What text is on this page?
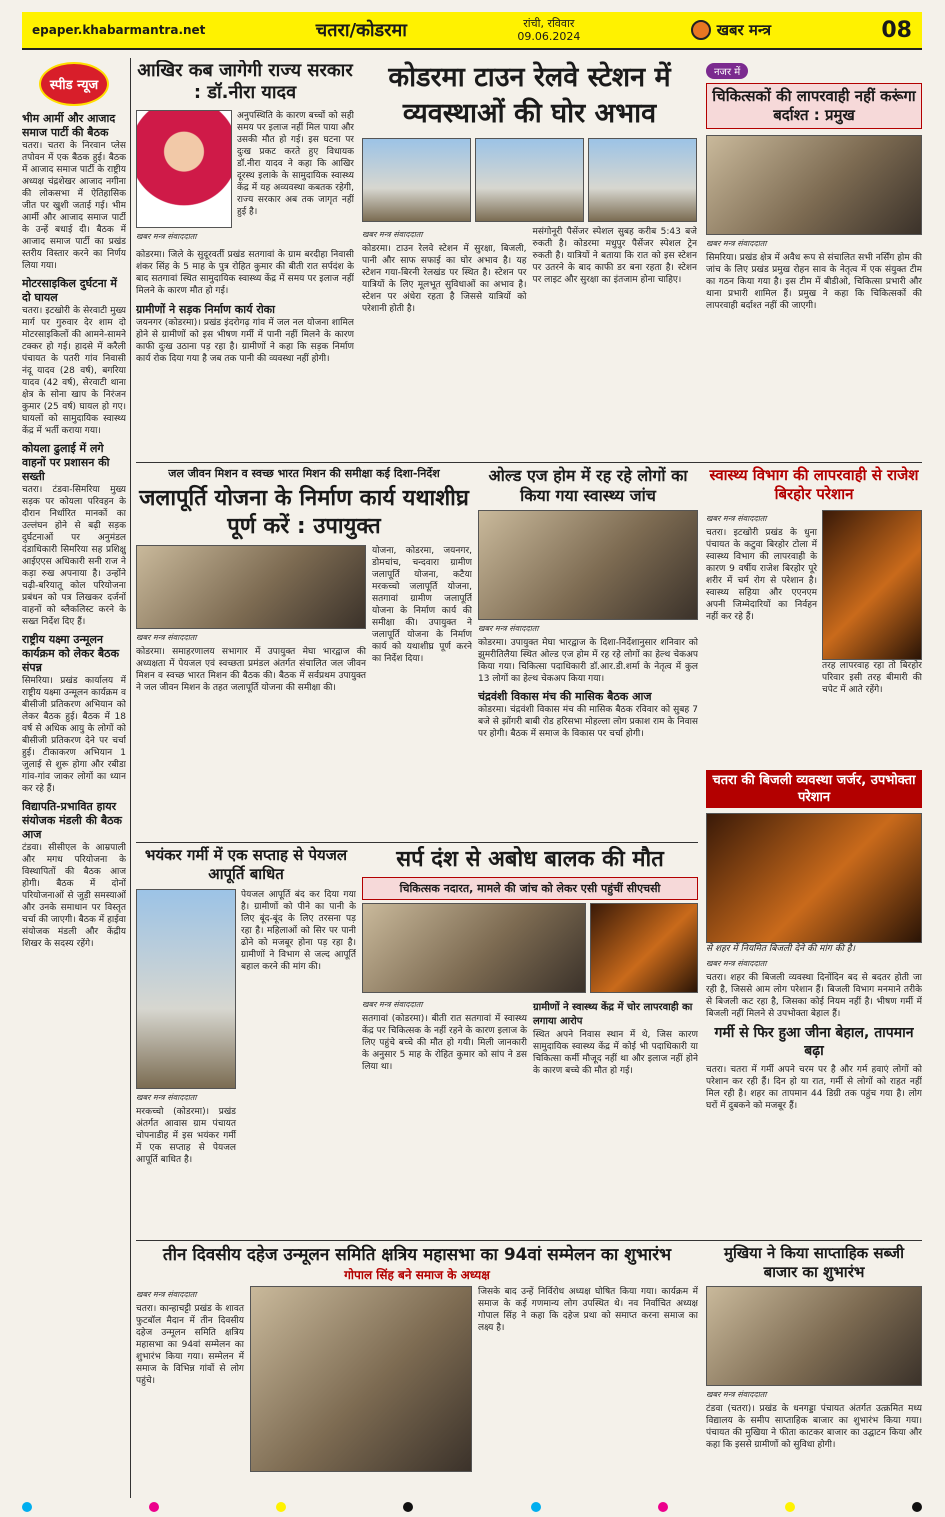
epaper.khabarmantra.net	चतरा/कोडरमा	रांची, रविवार
09.06.2024	खबर मन्त्र	08
स्पीड न्यूज
भीम आर्मी और आजाद समाज पार्टी की बैठक
चतरा। चतरा के निरवान प्लेस तपोवन में एक बैठक हुई। बैठक में आजाद समाज पार्टी के राष्ट्रीय अध्यक्ष चंद्रशेखर आजाद नगीना की लोकसभा में ऐतिहासिक जीत पर खुशी जताई गई। भीम आर्मी और आजाद समाज पार्टी के उन्हें बधाई दी। बैठक में आजाद समाज पार्टी का प्रखंड स्तरीय विस्तार करने का निर्णय लिया गया।
मोटरसाइकिल दुर्घटना में दो घायल
चतरा। इटखोरी के सेरवाटी मुख्य मार्ग पर गुरुवार देर शाम दो मोटरसाइकिलों की आमने-सामने टक्कर हो गई। हादसे में करैली पंचायत के पतरी गांव निवासी नंदू यादव (28 वर्ष), बगरिया यादव (42 वर्ष), सेरवाटी थाना क्षेत्र के सोना खाप के निरंजन कुमार (25 वर्ष) घायल हो गए। घायलों को सामुदायिक स्वास्थ्य केंद्र में भर्ती कराया गया।
कोयला ढुलाई में लगे वाहनों पर प्रशासन की सख्ती
चतरा। टंडवा-सिमरिया मुख्य सड़क पर कोयला परिवहन के दौरान निर्धारित मानकों का उल्लंघन होने से बढ़ी सड़क दुर्घटनाओं पर अनुमंडल दंडाधिकारी सिमरिया सह प्रशिक्षु आईएएस अधिकारी सनी राज ने कड़ा रुख अपनाया है। उन्होंने चढ़ी-बरियातू कोल परियोजना प्रबंधन को पत्र लिखकर दर्जनों वाहनों को ब्लैकलिस्ट करने के सख्त निर्देश दिए हैं।
राष्ट्रीय यक्ष्मा उन्मूलन कार्यक्रम को लेकर बैठक संपन्न
सिमरिया। प्रखंड कार्यालय में राष्ट्रीय यक्ष्मा उन्मूलन कार्यक्रम व बीसीजी प्रतिकरण अभियान को लेकर बैठक हुई। बैठक में 18 वर्ष से अधिक आयु के लोगों को बीसीजी प्रतिकरण देने पर चर्चा हुई। टीकाकरण अभियान 1 जुलाई से शुरू होगा और रबीडा गांव-गांव जाकर लोगों का ध्यान कर रहे हैं।
विद्यापति-प्रभावित हायर संयोजक मंडली की बैठक आज
टंडवा। सीसीएल के आम्रपाली और मगध परियोजना के विस्थापितों की बैठक आज होगी। बैठक में दोनों परियोजनाओं से जुड़ी समस्याओं और उनके समाधान पर विस्तृत चर्चा की जाएगी। बैठक में हाईवा संयोजक मंडली और केंद्रीय शिखर के सदस्य रहेंगे।
आखिर कब जागेगी राज्य सरकार : डॉ.नीरा यादव
खबर मन्त्र संवाददाता
अनुपस्थिति के कारण बच्चों को सही समय पर इलाज नहीं मिल पाया और उसकी मौत हो गई। इस घटना पर दुःख प्रकट करते हुए विधायक डॉ.नीरा यादव ने कहा कि आखिर दूरस्थ इलाके के सामुदायिक स्वास्थ्य केंद्र में यह अव्यवस्था कबतक रहेगी, राज्य सरकार अब तक जागृत नहीं हुई है।
कोडरमा। जिले के सुदूरवर्ती प्रखंड सतगावां के ग्राम बरदीहा निवासी शंकर सिंह के 5 माह के पुत्र रोहित कुमार की बीती रात सर्पदंश के बाद सतगावां स्थित सामुदायिक स्वास्थ्य केंद्र में समय पर इलाज नहीं मिलने के कारण मौत हो गई।
ग्रामीणों ने सड़क निर्माण कार्य रोका
जयनगर (कोडरमा)। प्रखंड इंदरोगढ़ गांव में जल नल योजना शामिल होने से ग्रामीणों को इस भीषण गर्मी में पानी नहीं मिलने के कारण काफी दुःख उठाना पड़ रहा है। ग्रामीणों ने कहा कि सड़क निर्माण कार्य रोक दिया गया है जब तक पानी की व्यवस्था नहीं होगी।
कोडरमा टाउन रेलवे स्टेशन में व्यवस्थाओं की घोर अभाव
खबर मन्त्र संवाददाता
कोडरमा। टाउन रेलवे स्टेशन में सुरक्षा, बिजली, पानी और साफ सफाई का घोर अभाव है। यह स्टेशन गया-बिरनी रेलखंड पर स्थित है। स्टेशन पर यात्रियों के लिए मूलभूत सुविधाओं का अभाव है। स्टेशन पर अंधेरा रहता है जिससे यात्रियों को परेशानी होती है।
मसंगोनूरी पैसेंजर स्पेशल सुबह करीब 5:43 बजे रुकती है। कोडरमा मधुपुर पैसेंजर स्पेशल ट्रेन रुकती है। यात्रियों ने बताया कि रात को इस स्टेशन पर उतरने के बाद काफी डर बना रहता है। स्टेशन पर लाइट और सुरक्षा का इंतजाम होना चाहिए।
नजर में
चिकित्सकों की लापरवाही नहीं करूंगा बर्दाश्त : प्रमुख
खबर मन्त्र संवाददाता
सिमरिया। प्रखंड क्षेत्र में अवैध रूप से संचालित सभी नर्सिंग होम की जांच के लिए प्रखंड प्रमुख रोहन साव के नेतृत्व में एक संयुक्त टीम का गठन किया गया है। इस टीम में बीडीओ, चिकित्सा प्रभारी और थाना प्रभारी शामिल हैं। प्रमुख ने कहा कि चिकित्सकों की लापरवाही बर्दाश्त नहीं की जाएगी।
जल जीवन मिशन व स्वच्छ भारत मिशन की समीक्षा कई दिशा-निर्देश
जलापूर्ति योजना के निर्माण कार्य यथाशीघ्र पूर्ण करें : उपायुक्त
खबर मन्त्र संवाददाता
कोडरमा। समाहरणालय सभागार में उपायुक्त मेघा भारद्वाज की अध्यक्षता में पेयजल एवं स्वच्छता प्रमंडल अंतर्गत संचालित जल जीवन मिशन व स्वच्छ भारत मिशन की बैठक की। बैठक में सर्वप्रथम उपायुक्त ने जल जीवन मिशन के तहत जलापूर्ति योजना की समीक्षा की।
योजना, कोडरमा, जयनगर, डोमचांच, चन्दवारा ग्रामीण जलापूर्ति योजना, कटैया मरकच्चो जलापूर्ति योजना, सतगावां ग्रामीण जलापूर्ति योजना के निर्माण कार्य की समीक्षा की। उपायुक्त ने जलापूर्ति योजना के निर्माण कार्य को यथाशीघ्र पूर्ण करने का निर्देश दिया।
ओल्ड एज होम में रह रहे लोगों का किया गया स्वास्थ्य जांच
खबर मन्त्र संवाददाता
कोडरमा। उपायुक्त मेघा भारद्वाज के दिशा-निर्देशानुसार शनिवार को झुमरीतिलैया स्थित ओल्ड एज होम में रह रहे लोगों का हेल्थ चेकअप किया गया। चिकित्सा पदाधिकारी डॉ.आर.डी.शर्मा के नेतृत्व में कुल 13 लोगों का हेल्थ चेकअप किया गया।
चंद्रवंशी विकास मंच की मासिक बैठक आज
कोडरमा। चंद्रवंशी विकास मंच की मासिक बैठक रविवार को सुबह 7 बजे से झोंगरी बाबी रोड हरिसभा मोहल्ला लोग प्रकाश राम के निवास पर होगी। बैठक में समाज के विकास पर चर्चा होगी।
स्वास्थ्य विभाग की लापरवाही से राजेश बिरहोर परेशान
खबर मन्त्र संवाददाता
चतरा। इटखोरी प्रखंड के धुना पंचायत के कटुवा बिरहोर टोला में स्वास्थ्य विभाग की लापरवाही के कारण 9 वर्षीय राजेश बिरहोर पूरे शरीर में चर्म रोग से परेशान है। स्वास्थ्य सहिया और एएनएम अपनी जिम्मेदारियों का निर्वहन नहीं कर रहे हैं।
तरह लापरवाह रहा तो बिरहोर परिवार इसी तरह बीमारी की चपेट में आते रहेंगे।
चतरा की बिजली व्यवस्था जर्जर, उपभोक्ता परेशान
से शहर में नियमित बिजली देने की मांग की है।
खबर मन्त्र संवाददाता
चतरा। शहर की बिजली व्यवस्था दिनोंदिन बद से बदतर होती जा रही है, जिससे आम लोग परेशान हैं। बिजली विभाग मनमाने तरीके से बिजली कट रहा है, जिसका कोई नियम नहीं है। भीषण गर्मी में बिजली नहीं मिलने से उपभोक्ता बेहाल हैं।
गर्मी से फिर हुआ जीना बेहाल, तापमान बढ़ा
चतरा। चतरा में गर्मी अपने चरम पर है और गर्म हवाएं लोगों को परेशान कर रही हैं। दिन हो या रात, गर्मी से लोगों को राहत नहीं मिल रही है। शहर का तापमान 44 डिग्री तक पहुंच गया है। लोग घरों में दुबकने को मजबूर हैं।
भयंकर गर्मी में एक सप्ताह से पेयजल आपूर्ति बाधित
खबर मन्त्र संवाददाता
मरकच्चो (कोडरमा)। प्रखंड अंतर्गत आवास ग्राम पंचायत चोपनाडीह में इस भयंकर गर्मी में एक सप्ताह से पेयजल आपूर्ति बाधित है।
पेयजल आपूर्ति बंद कर दिया गया है। ग्रामीणों को पीने का पानी के लिए बूंद-बूंद के लिए तरसना पड़ रहा है। महिलाओं को सिर पर पानी ढोने को मजबूर होना पड़ रहा है। ग्रामीणों ने विभाग से जल्द आपूर्ति बहाल करने की मांग की।
सर्प दंश से अबोध बालक की मौत
चिकित्सक नदारत, मामले की जांच को लेकर एसी पहुंचीं सीएचसी
खबर मन्त्र संवाददाता
सतगावां (कोडरमा)। बीती रात सतगावां में स्वास्थ्य केंद्र पर चिकित्सक के नहीं रहने के कारण इलाज के लिए पहुंचे बच्चे की मौत हो गयी। मिली जानकारी के अनुसार 5 माह के रोहित कुमार को सांप ने डस लिया था।
ग्रामीणों ने स्वास्थ्य केंद्र में चोर लापरवाही का लगाया आरोप
स्थित अपने निवास स्थान में थे, जिस कारण सामुदायिक स्वास्थ्य केंद्र में कोई भी पदाधिकारी या चिकित्सा कर्मी मौजूद नहीं था और इलाज नहीं होने के कारण बच्चे की मौत हो गई।
तीन दिवसीय दहेज उन्मूलन समिति क्षत्रिय महासभा का 94वां सम्मेलन का शुभारंभ
गोपाल सिंह बने समाज के अध्यक्ष
खबर मन्त्र संवाददाता
चतरा। कान्हाचट्टी प्रखंड के शावत फुटबॉल मैदान में तीन दिवसीय दहेज उन्मूलन समिति क्षत्रिय महासभा का 94वां सम्मेलन का शुभारंभ किया गया। सम्मेलन में समाज के विभिन्न गांवों से लोग पहुंचे।
जिसके बाद उन्हें निर्विरोध अध्यक्ष घोषित किया गया। कार्यक्रम में समाज के कई गणमान्य लोग उपस्थित थे। नव निर्वाचित अध्यक्ष गोपाल सिंह ने कहा कि दहेज प्रथा को समाप्त करना समाज का लक्ष्य है।
मुखिया ने किया साप्ताहिक सब्जी बाजार का शुभारंभ
खबर मन्त्र संवाददाता
टंडवा (चतरा)। प्रखंड के धनगड्डा पंचायत अंतर्गत उत्क्रमित मध्य विद्यालय के समीप साप्ताहिक बाजार का शुभारंभ किया गया। पंचायत की मुखिया ने फीता काटकर बाजार का उद्घाटन किया और कहा कि इससे ग्रामीणों को सुविधा होगी।
